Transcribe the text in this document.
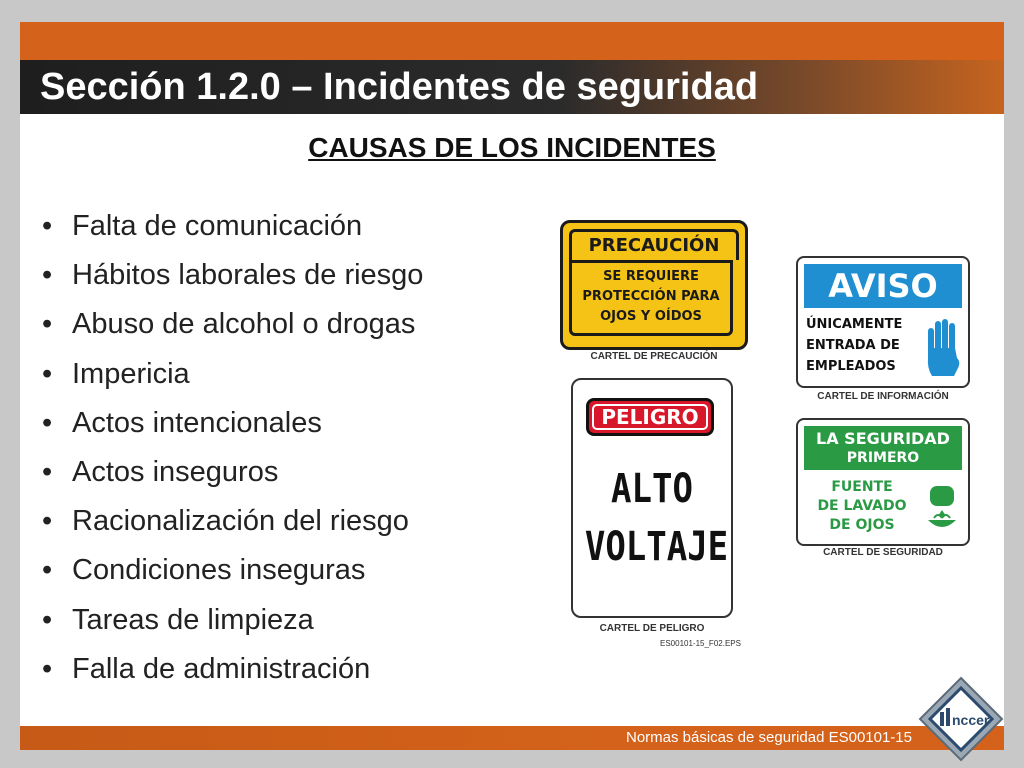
Sección 1.2.0 – Incidentes de seguridad
CAUSAS DE LOS INCIDENTES
• Falta de comunicación
• Hábitos laborales de riesgo
• Abuso de alcohol o drogas
• Impericia
• Actos intencionales
• Actos inseguros
• Racionalización del riesgo
• Condiciones inseguras
• Tareas de limpieza
• Falla de administración
PRECAUCIÓN
SE REQUIERE
PROTECCIÓN PARA
OJOS Y OÍDOS
CARTEL DE PRECAUCIÓN
AVISO
ÚNICAMENTE
ENTRADA DE
EMPLEADOS
CARTEL DE INFORMACIÓN
PELIGRO
ALTO
VOLTAJE
CARTEL DE PELIGRO
ES00101-15_F02.EPS
LA SEGURIDAD
PRIMERO
FUENTE
DE LAVADO
DE OJOS
CARTEL DE SEGURIDAD
Normas básicas de seguridad ES00101-15
nccer
